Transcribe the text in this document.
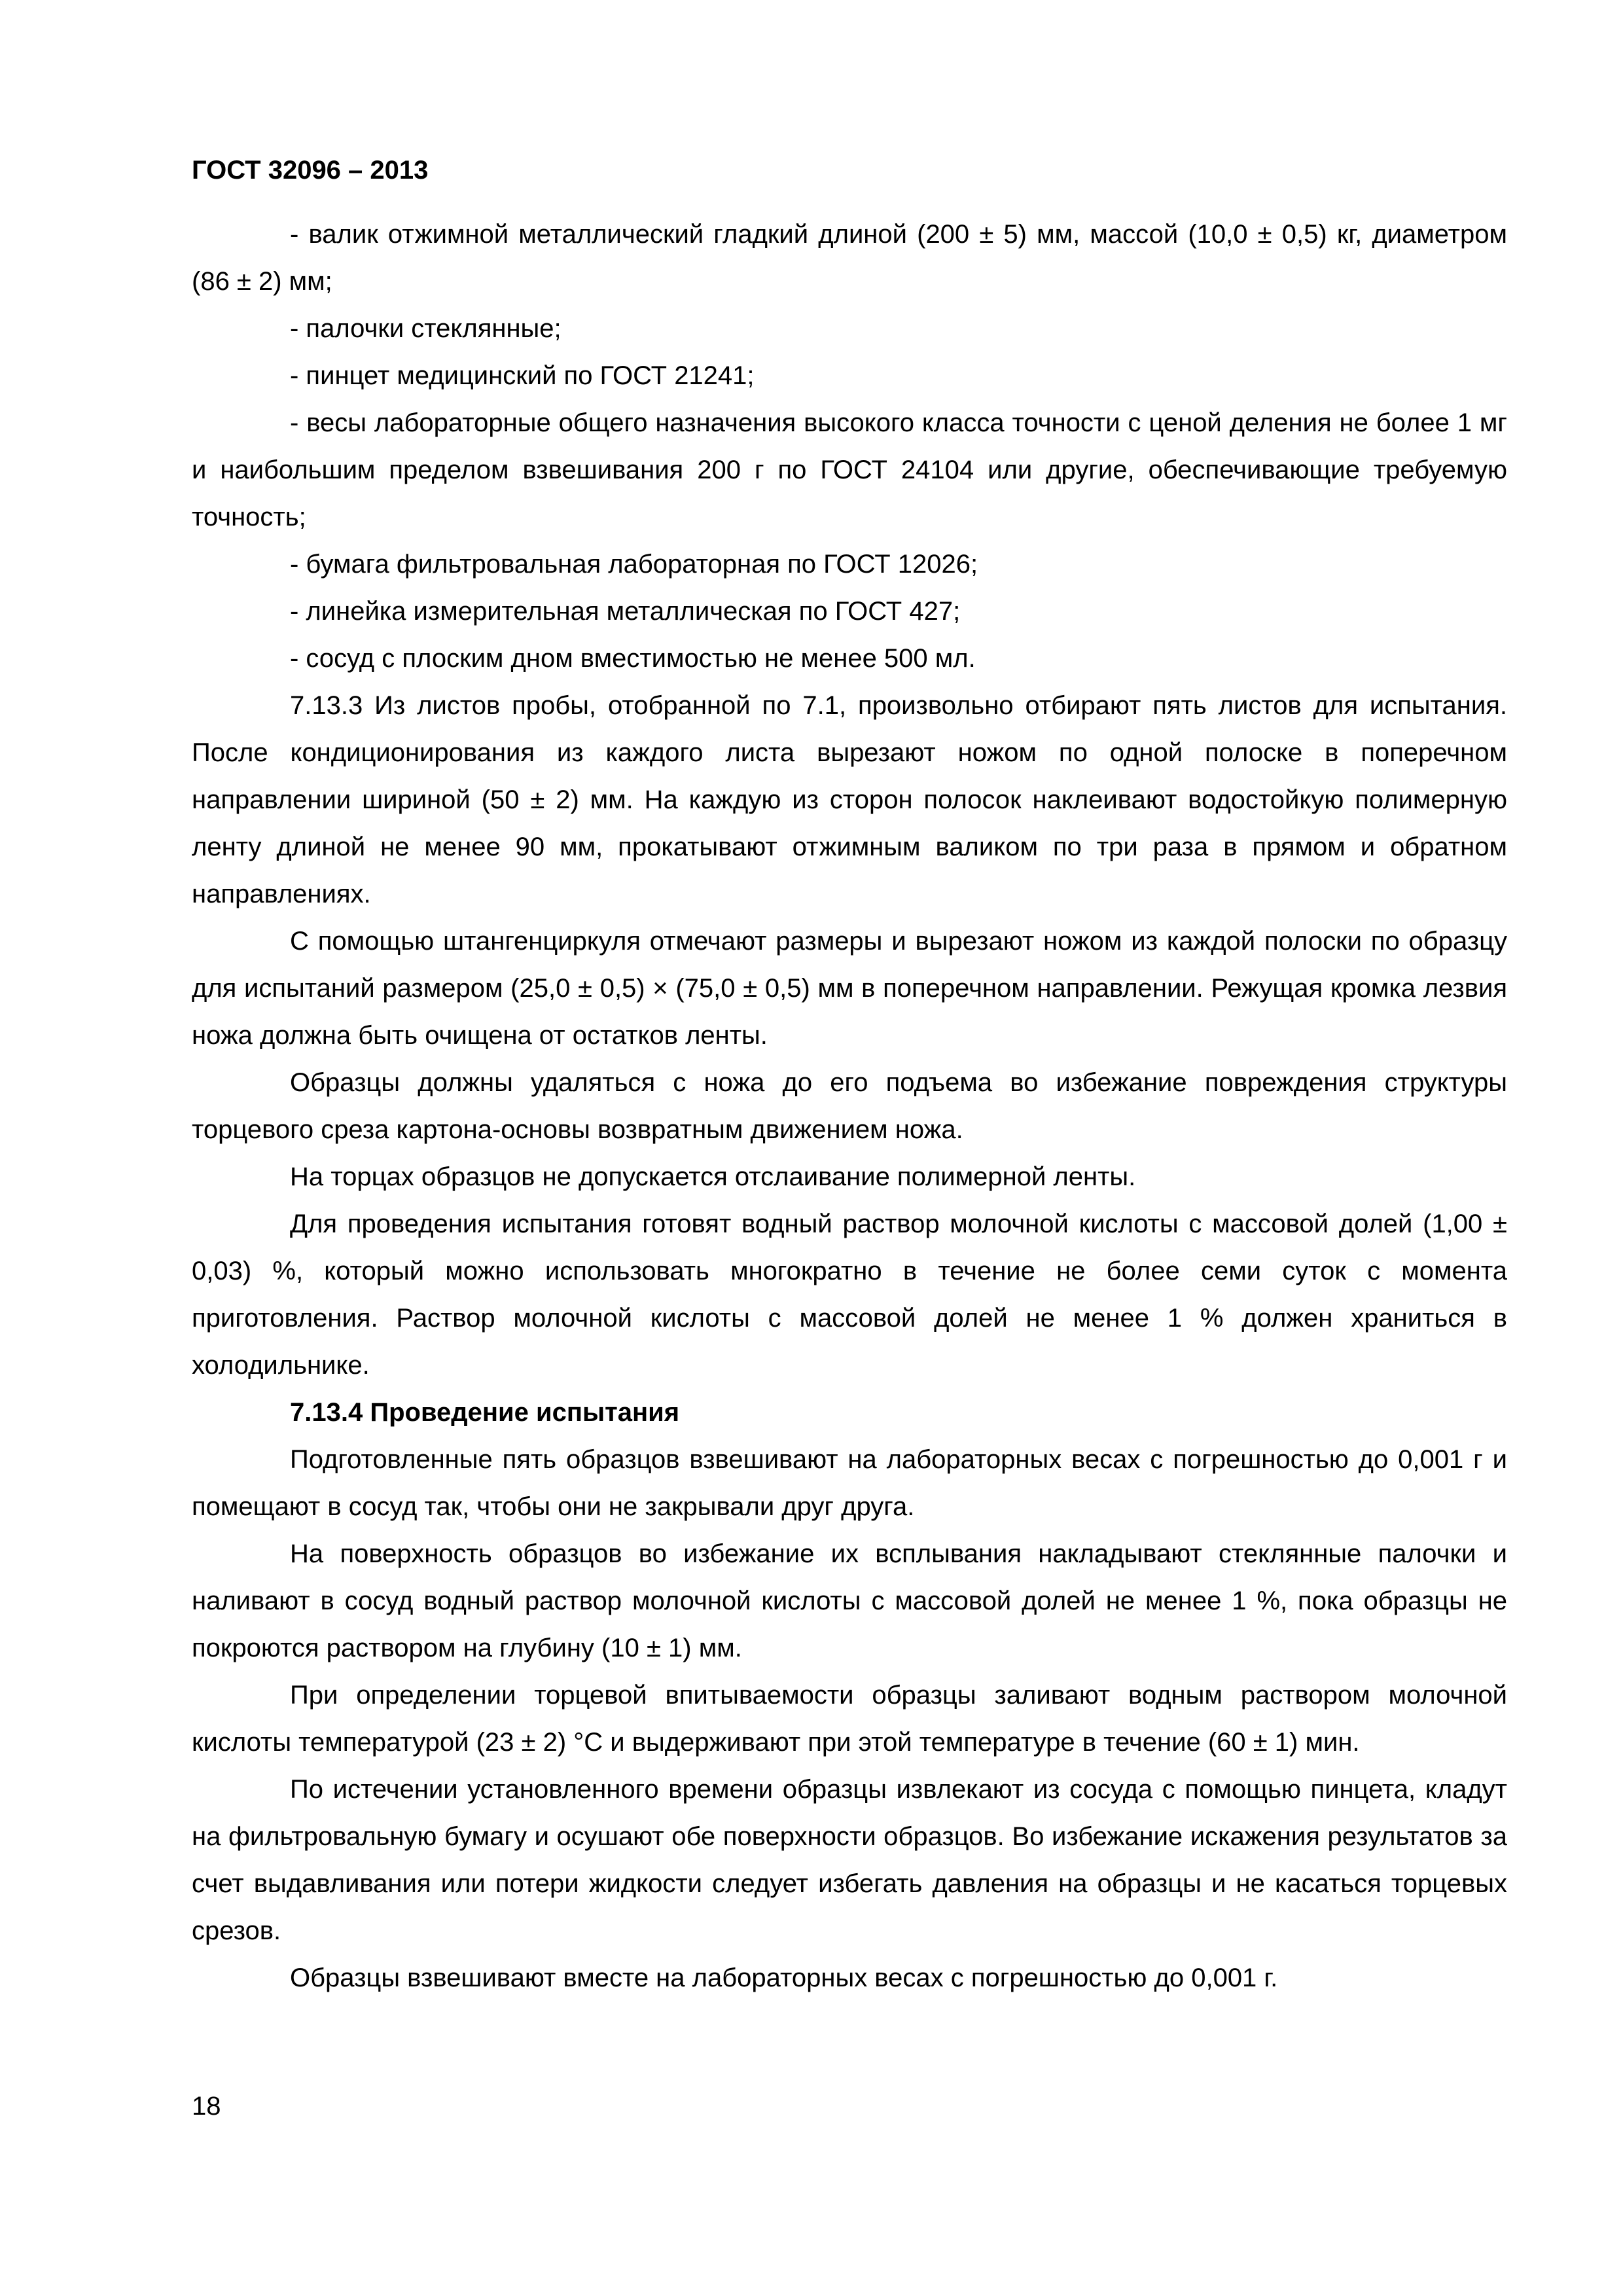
ГОСТ 32096 – 2013

- валик отжимной металлический гладкий длиной (200 ± 5) мм, массой (10,0 ± 0,5) кг, диаметром (86 ± 2) мм;

- палочки стеклянные;

- пинцет медицинский по ГОСТ 21241;

- весы лабораторные общего назначения высокого класса точности с ценой деления не более 1 мг и наибольшим пределом взвешивания 200 г по ГОСТ 24104 или другие, обеспечивающие требуемую точность;

- бумага фильтровальная лабораторная по ГОСТ 12026;

- линейка измерительная металлическая по ГОСТ 427;

- сосуд с плоским дном вместимостью не менее 500 мл.

7.13.3 Из листов пробы, отобранной по 7.1, произвольно отбирают пять листов для испытания. После кондиционирования из каждого листа вырезают ножом по одной полоске в поперечном направлении шириной (50 ± 2) мм. На каждую из сторон полосок наклеивают водостойкую полимерную ленту длиной не менее 90 мм, прокатывают отжимным валиком по три раза в прямом и обратном направлениях.

С помощью штангенциркуля отмечают размеры и вырезают ножом из каждой полоски по образцу для испытаний размером (25,0 ± 0,5) × (75,0 ± 0,5) мм в поперечном направлении. Режущая кромка лезвия ножа должна быть очищена от остатков ленты.

Образцы должны удаляться с ножа до его подъема во избежание повреждения структуры торцевого среза картона-основы возвратным движением ножа.

На торцах образцов не допускается отслаивание полимерной ленты.

Для проведения испытания готовят водный раствор молочной кислоты с массовой долей (1,00 ± 0,03) %, который можно использовать многократно в течение не более семи суток с момента приготовления. Раствор молочной кислоты с массовой долей не менее 1 % должен храниться в холодильнике.

7.13.4 Проведение испытания

Подготовленные пять образцов взвешивают на лабораторных весах с погрешностью до 0,001 г и помещают в сосуд так, чтобы они не закрывали друг друга.

На поверхность образцов во избежание их всплывания накладывают стеклянные палочки и наливают в сосуд водный раствор молочной кислоты с массовой долей не менее 1 %, пока образцы не покроются раствором на глубину (10 ± 1) мм.

При определении торцевой впитываемости образцы заливают водным раствором молочной кислоты температурой (23 ± 2) °С и выдерживают при этой температуре в течение (60 ± 1) мин.

По истечении установленного времени образцы извлекают из сосуда с помощью пинцета, кладут на фильтровальную бумагу и осушают обе поверхности образцов. Во избежание искажения результатов за счет выдавливания или потери жидкости следует избегать давления на образцы и не касаться торцевых срезов.

Образцы взвешивают вместе на лабораторных весах с погрешностью до 0,001 г.

18
